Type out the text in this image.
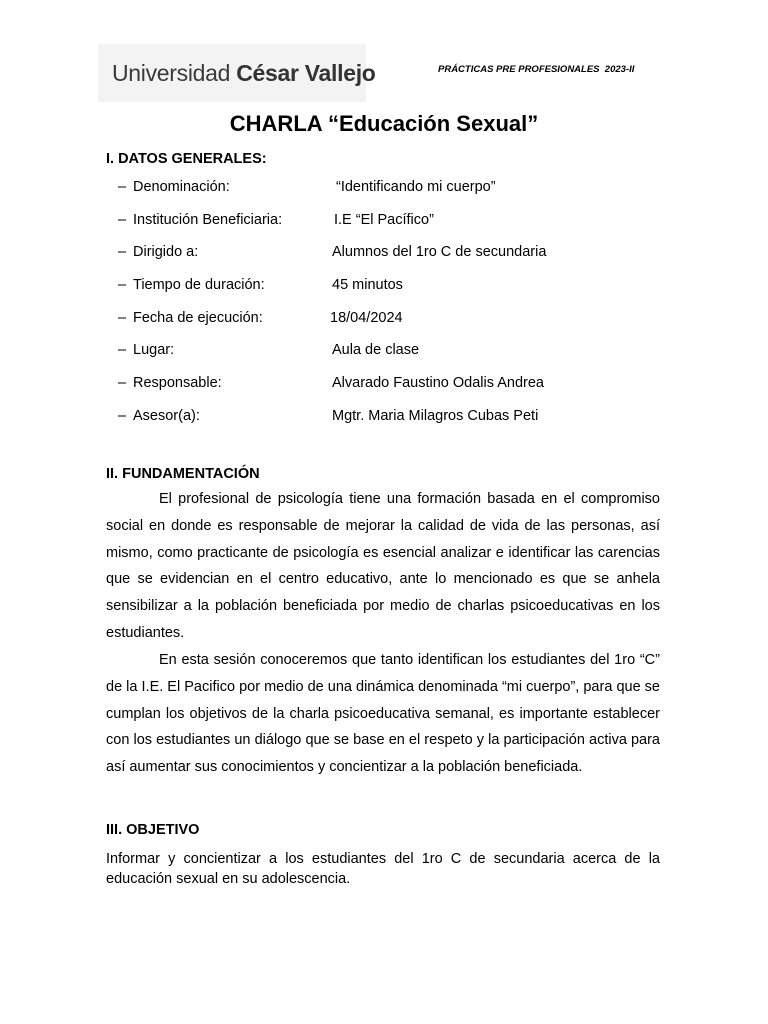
Universidad César Vallejo	PRÁCTICAS PRE PROFESIONALES  2023-II
CHARLA “Educación Sexual”
I. DATOS GENERALES:
– Denominación:	“Identificando mi cuerpo”
– Institución Beneficiaria:	I.E “El Pacífico”
– Dirigido a:	Alumnos del 1ro C de secundaria
– Tiempo de duración:	45 minutos
– Fecha de ejecución:	18/04/2024
– Lugar:	Aula de clase
– Responsable:	Alvarado Faustino Odalis Andrea
– Asesor(a):	Mgtr. Maria Milagros Cubas Peti
II. FUNDAMENTACIÓN

El profesional de psicología tiene una formación basada en el compromiso social en donde es responsable de mejorar la calidad de vida de las personas, así mismo, como practicante de psicología es esencial analizar e identificar las carencias que se evidencian en el centro educativo, ante lo mencionado es que se anhela sensibilizar a la población beneficiada por medio de charlas psicoeducativas en los estudiantes.

En esta sesión conoceremos que tanto identifican los estudiantes del 1ro “C” de la I.E. El Pacifico por medio de una dinámica denominada “mi cuerpo”, para que se cumplan los objetivos de la charla psicoeducativa semanal, es importante establecer con los estudiantes un diálogo que se base en el respeto y la participación activa para así aumentar sus conocimientos y concientizar a la población beneficiada.

III. OBJETIVO

Informar y concientizar a los estudiantes del 1ro C de secundaria acerca de la educación sexual en su adolescencia.
